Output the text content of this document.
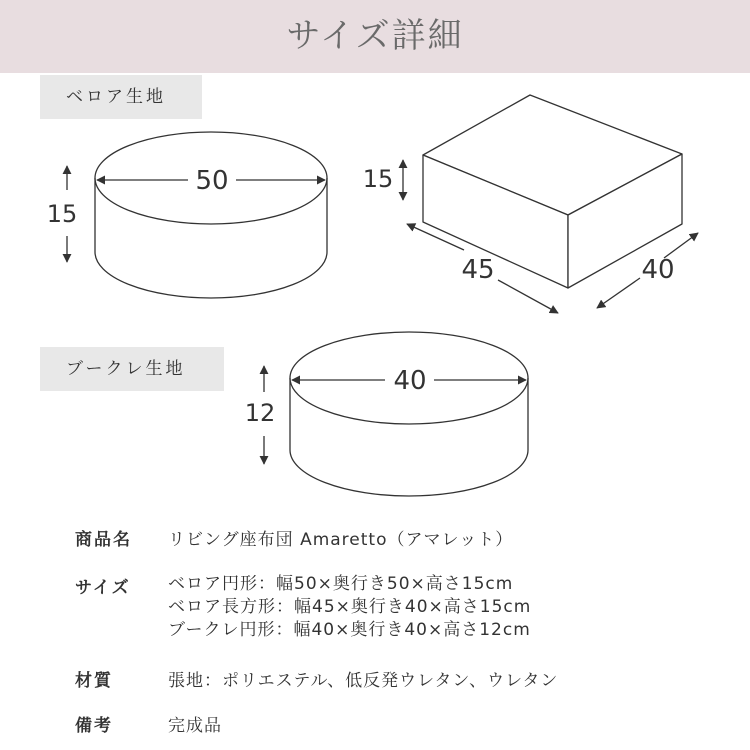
サイズ詳細
ベロア生地
ブークレ生地
50
15
15
45	40
40
12
商品名 リビング座布団 Amaretto（アマレット）
サイズ ベロア円形：幅50×奥行き50×高さ15cm
ベロア長方形：幅45×奥行き40×高さ15cm
ブークレ円形：幅40×奥行き40×高さ12cm
材質	張地：ポリエステル、低反発ウレタン、ウレタン
備考	完成品
